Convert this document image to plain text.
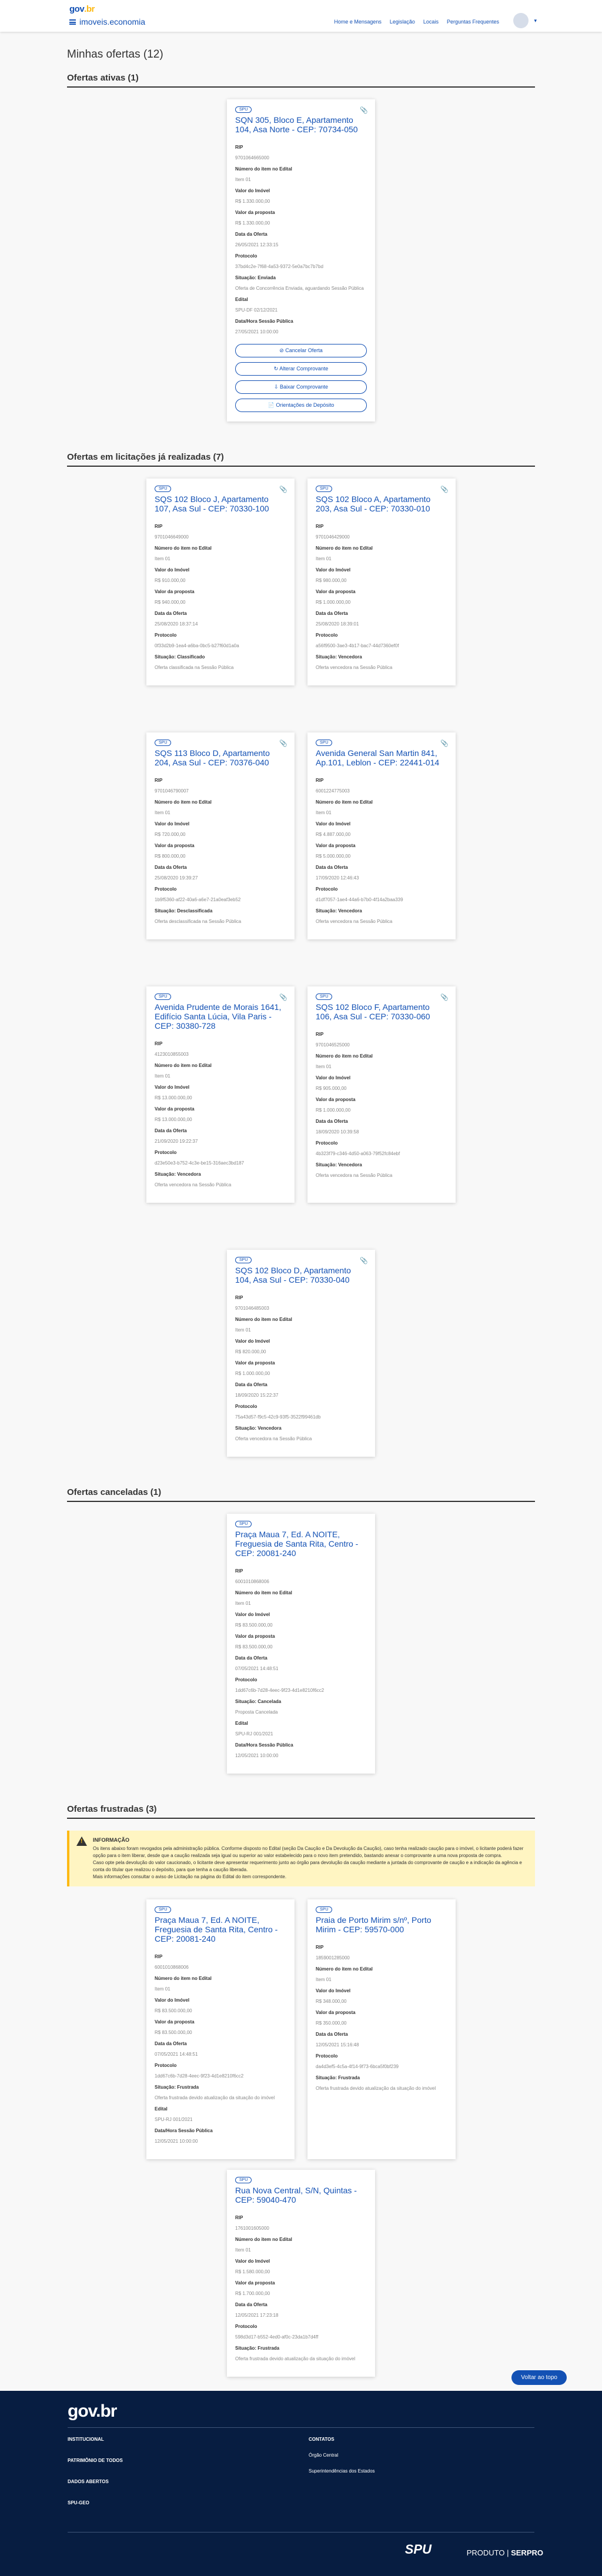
gov.br
imoveis.economia	Home e Mensagens Legislação Locais Perguntas Frequentes	▾
Minhas ofertas (12)
Ofertas ativas (1)
SPU	📎
SQN 305, Bloco E, Apartamento 104, Asa Norte - CEP: 70734-050
RIP
9701064665000
Número do item no Edital
Item 01
Valor do Imóvel
R$ 1.330.000,00
Valor da proposta
R$ 1.330.000,00
Data da Oferta
26/05/2021 12:33:15
Protocolo
37bd4c2e-7f68-4a53-9372-5e0a7bc7b7bd
Situação: Enviada
Oferta de Concorrência Enviada, aguardando Sessão Pública
Edital
SPU-DF 02/12/2021
Data/Hora Sessão Pública
27/05/2021 10:00:00
⊘ Cancelar Oferta
↻ Alterar Comprovante
⇩ Baixar Comprovante
📄 Orientações de Depósito
Ofertas em licitações já realizadas (7)
SPU	📎
SQS 102 Bloco J, Apartamento 107, Asa Sul - CEP: 70330-100
RIP
9701046649000
Número do item no Edital
Item 01
Valor do Imóvel
R$ 910.000,00
Valor da proposta
R$ 940.000,00
Data da Oferta
25/08/2020 18:37:14
Protocolo
0f33d2b9-1ea4-a6ba-0bc5-b27f60d1a0a
Situação: Classificado
Oferta classificada na Sessão Pública
SPU	📎
SQS 102 Bloco A, Apartamento 203, Asa Sul - CEP: 70330-010
RIP
9701046429000
Número do item no Edital
Item 01
Valor do Imóvel
R$ 980.000,00
Valor da proposta
R$ 1.000.000,00
Data da Oferta
25/08/2020 18:39:01
Protocolo
a56f9500-3ae3-4b17-bac7-44d7360ef0f
Situação: Vencedora
Oferta vencedora na Sessão Pública
SPU	📎
SQS 113 Bloco D, Apartamento 204, Asa Sul - CEP: 70376-040
RIP
9701046790007
Número do item no Edital
Item 01
Valor do Imóvel
R$ 720.000,00
Valor da proposta
R$ 800.000,00
Data da Oferta
25/08/2020 19:39:27
Protocolo
1b9f5360-af22-40a6-a6e7-21a0eaf3eb52
Situação: Desclassificada
Oferta desclassificada na Sessão Pública
SPU	📎
Avenida General San Martin 841, Ap.101, Leblon - CEP: 22441-014
RIP
6001224775003
Número do item no Edital
Item 01
Valor do Imóvel
R$ 4.887.000,00
Valor da proposta
R$ 5.000.000,00
Data da Oferta
17/09/2020 12:46:43
Protocolo
d1df7057-1ae4-44a6-b7b0-4f14a2baa339
Situação: Vencedora
Oferta vencedora na Sessão Pública
SPU	📎
Avenida Prudente de Morais 1641, Edifício Santa Lúcia, Vila Paris - CEP: 30380-728
RIP
4123010855003
Número do item no Edital
Item 01
Valor do Imóvel
R$ 13.000.000,00
Valor da proposta
R$ 13.000.000,00
Data da Oferta
21/09/2020 19:22:37
Protocolo
d23e50e3-b752-4c3e-be15-316aec3bd187
Situação: Vencedora
Oferta vencedora na Sessão Pública
SPU	📎
SQS 102 Bloco F, Apartamento 106, Asa Sul - CEP: 70330-060
RIP
9701046525000
Número do item no Edital
Item 01
Valor do Imóvel
R$ 905.000,00
Valor da proposta
R$ 1.000.000,00
Data da Oferta
18/09/2020 10:39:58
Protocolo
4b323f79-c346-4d50-a063-79f52fc84ebf
Situação: Vencedora
Oferta vencedora na Sessão Pública
SPU	📎
SQS 102 Bloco D, Apartamento 104, Asa Sul - CEP: 70330-040
RIP
9701046485003
Número do item no Edital
Item 01
Valor do Imóvel
R$ 820.000,00
Valor da proposta
R$ 1.000.000,00
Data da Oferta
18/09/2020 15:22:37
Protocolo
75a43d57-f9c5-42c9-93f5-3522f99461db
Situação: Vencedora
Oferta vencedora na Sessão Pública
Ofertas canceladas (1)
SPU
Praça Maua 7, Ed. A NOITE, Freguesia de Santa Rita, Centro - CEP: 20081-240
RIP
6001010868006
Número do item no Edital
Item 01
Valor do Imóvel
R$ 83.500.000,00
Valor da proposta
R$ 83.500.000,00
Data da Oferta
07/05/2021 14:48:51
Protocolo
1dd67c6b-7d28-4eec-9f23-4d1e8210f6cc2
Situação: Cancelada
Proposta Cancelada
Edital
SPU-RJ 001/2021
Data/Hora Sessão Pública
12/05/2021 10:00:00
Ofertas frustradas (3)
!
INFORMAÇÃO

Os itens abaixo foram revogados pela administração pública. Conforme disposto no Edital (seção Da Caução e Da Devolução da Caução), caso tenha realizado caução para o imóvel, o licitante poderá fazer opção para o item liberar, desde que a caução realizada seja igual ou superior ao valor estabelecido para o novo item pretendido, bastando anexar o comprovante a uma nova proposta de compra.

Caso opte pela devolução do valor caucionado, o licitante deve apresentar requerimento junto ao órgão para devolução da caução mediante a juntada do comprovante de caução e a indicação da agência e conta do titular que realizou o depósito, para que tenha a caução liberada.

Mais informações consultar o aviso de Licitação na página do Edital do item correspondente.

SPU
Praça Maua 7, Ed. A NOITE, Freguesia de Santa Rita, Centro - CEP: 20081-240
RIP
6001010868006
Número do item no Edital
Item 01
Valor do Imóvel
R$ 83.500.000,00
Valor da proposta
R$ 83.500.000,00
Data da Oferta
07/05/2021 14:48:51
Protocolo
1dd67c6b-7d28-4eec-9f23-4d1e8210f6cc2
Situação: Frustrada
Oferta frustrada devido atualização da situação do imóvel
Edital
SPU-RJ 001/2021
Data/Hora Sessão Pública
12/05/2021 10:00:00
SPU
Praia de Porto Mirim s/nº, Porto Mirim - CEP: 59570-000
RIP
1859001285000
Número do item no Edital
Item 01
Valor do Imóvel
R$ 348.000,00
Valor da proposta
R$ 350.000,00
Data da Oferta
12/05/2021 15:16:48
Protocolo
da4d3ef5-4c5a-4f14-9f73-6bca5f0bf239
Situação: Frustrada
Oferta frustrada devido atualização da situação do imóvel
SPU
Rua Nova Central, S/N, Quintas - CEP: 59040-470
RIP
1761001605000
Número do item no Edital
Item 01
Valor do Imóvel
R$ 1.580.000,00
Valor da proposta
R$ 1.700.000,00
Data da Oferta
12/05/2021 17:23:18
Protocolo
598d3d17-b552-4ed0-af0c-23da1b7d4ff
Situação: Frustrada
Oferta frustrada devido atualização da situação do imóvel
Voltar ao topo
gov.br
INSTITUCIONAL
PATRIMÔNIO DE TODOS
DADOS ABERTOS
SPU-GEO
CONTATOS
Órgão Central
Superintendências dos Estados
SPU	PRODUTO | SERPRO
